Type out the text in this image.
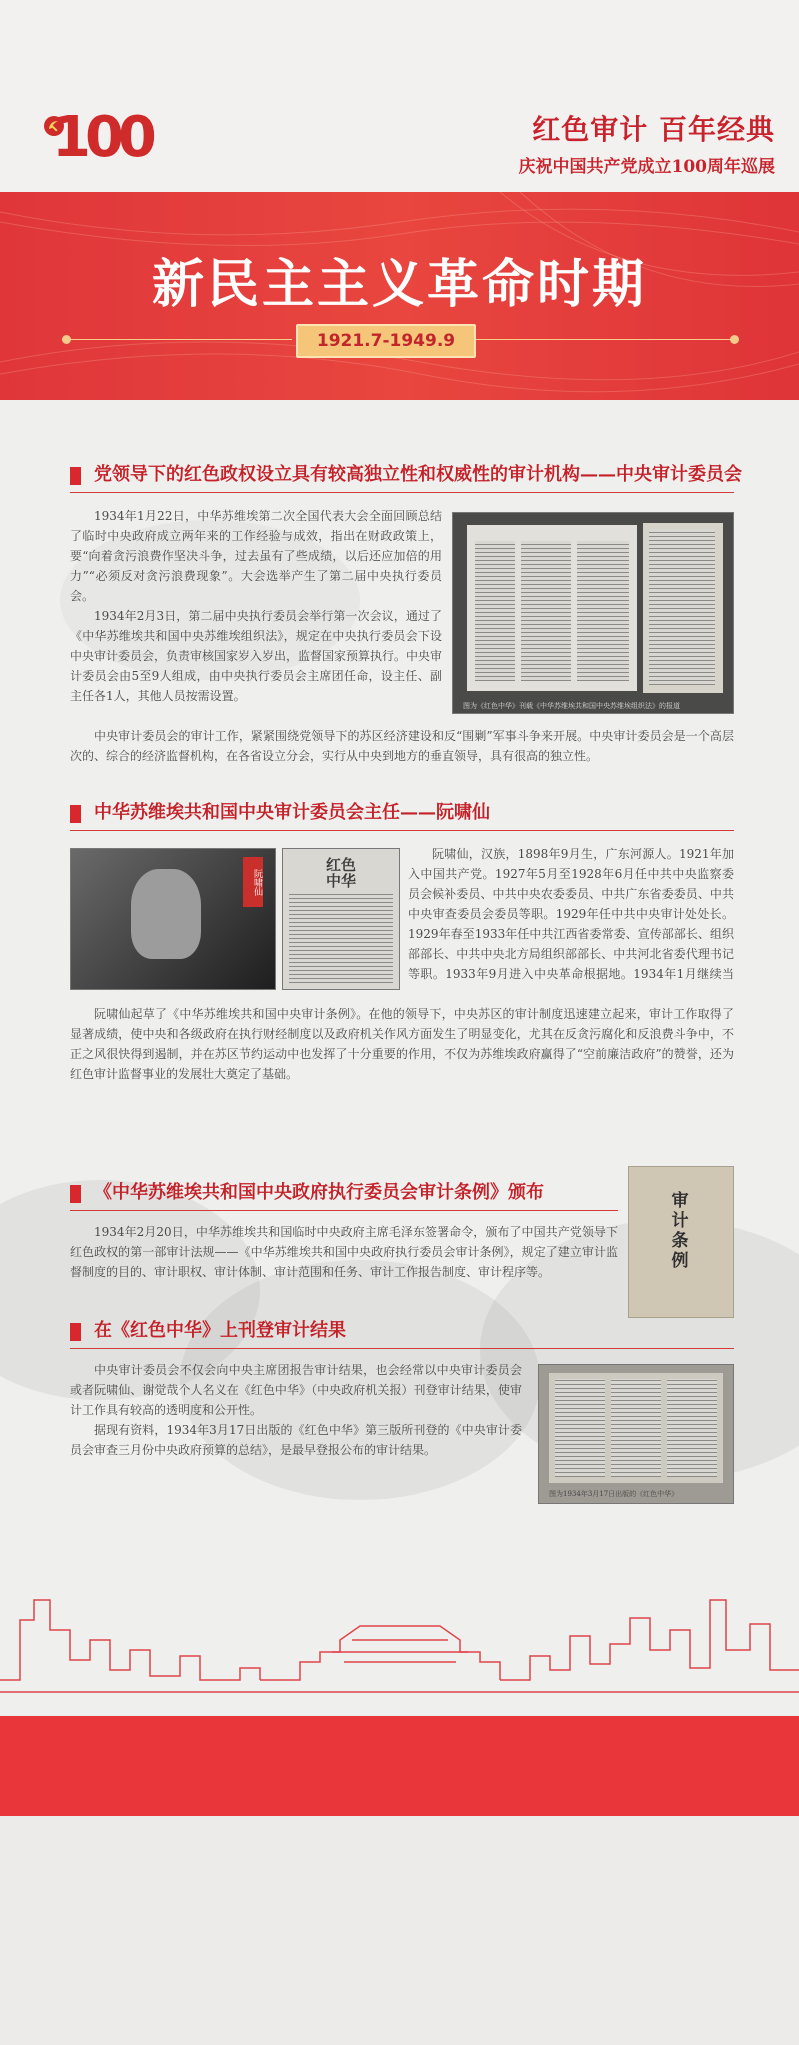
100	红色审计 百年经典
庆祝中国共产党成立100周年巡展
新民主主义革命时期
1921.7-1949.9
党领导下的红色政权设立具有较高独立性和权威性的审计机构——中央审计委员会

1934年1月22日，中华苏维埃第二次全国代表大会全面回顾总结了临时中央政府成立两年来的工作经验与成效，指出在财政政策上，要“向着贪污浪费作坚决斗争，过去虽有了些成绩，以后还应加倍的用力”“必须反对贪污浪费现象”。大会选举产生了第二届中央执行委员会。

1934年2月3日，第二届中央执行委员会举行第一次会议，通过了《中华苏维埃共和国中央苏维埃组织法》，规定在中央执行委员会下设中央审计委员会，负责审核国家岁入岁出，监督国家预算执行。中央审计委员会由5至9人组成，由中央执行委员会主席团任命，设主任、副主任各1人，其他人员按需设置。

中央审计委员会的审计工作，紧紧围绕党领导下的苏区经济建设和反“围剿”军事斗争来开展。中央审计委员会是一个高层次的、综合的经济监督机构，在各省设立分会，实行从中央到地方的垂直领导，具有很高的独立性。

图为《红色中华》刊载《中华苏维埃共和国中央苏维埃组织法》的报道
中华苏维埃共和国中央审计委员会主任——阮啸仙
阮啸仙
红色中华

阮啸仙，汉族，1898年9月生，广东河源人。1921年加入中国共产党。1927年5月至1928年6月任中共中央监察委员会候补委员、中共中央农委委员、中共广东省委委员、中共中央审查委员会委员等职。1929年任中共中央审计处处长。1929年春至1933年任中共江西省委常委、宣传部部长、组织部部长、中共中央北方局组织部部长、中共河北省委代理书记等职。1933年9月进入中央革命根据地。1934年1月继续当

阮啸仙起草了《中华苏维埃共和国中央审计条例》。在他的领导下，中央苏区的审计制度迅速建立起来，审计工作取得了显著成绩，使中央和各级政府在执行财经制度以及政府机关作风方面发生了明显变化，尤其在反贪污腐化和反浪费斗争中，不正之风很快得到遏制，并在苏区节约运动中也发挥了十分重要的作用，不仅为苏维埃政府赢得了“空前廉洁政府”的赞誉，还为红色审计监督事业的发展壮大奠定了基础。

《中华苏维埃共和国中央政府执行委员会审计条例》颁布

1934年2月20日，中华苏维埃共和国临时中央政府主席毛泽东签署命令，颁布了中国共产党领导下红色政权的第一部审计法规——《中华苏维埃共和国中央政府执行委员会审计条例》，规定了建立审计监督制度的目的、审计职权、审计体制、审计范围和任务、审计工作报告制度、审计程序等。

审计条例
在《红色中华》上刊登审计结果

中央审计委员会不仅会向中央主席团报告审计结果，也会经常以中央审计委员会或者阮啸仙、谢觉哉个人名义在《红色中华》（中央政府机关报）刊登审计结果，使审计工作具有较高的透明度和公开性。

据现有资料，1934年3月17日出版的《红色中华》第三版所刊登的《中央审计委员会审查三月份中央政府预算的总结》，是最早登报公布的审计结果。

图为1934年3月17日出版的《红色中华》
